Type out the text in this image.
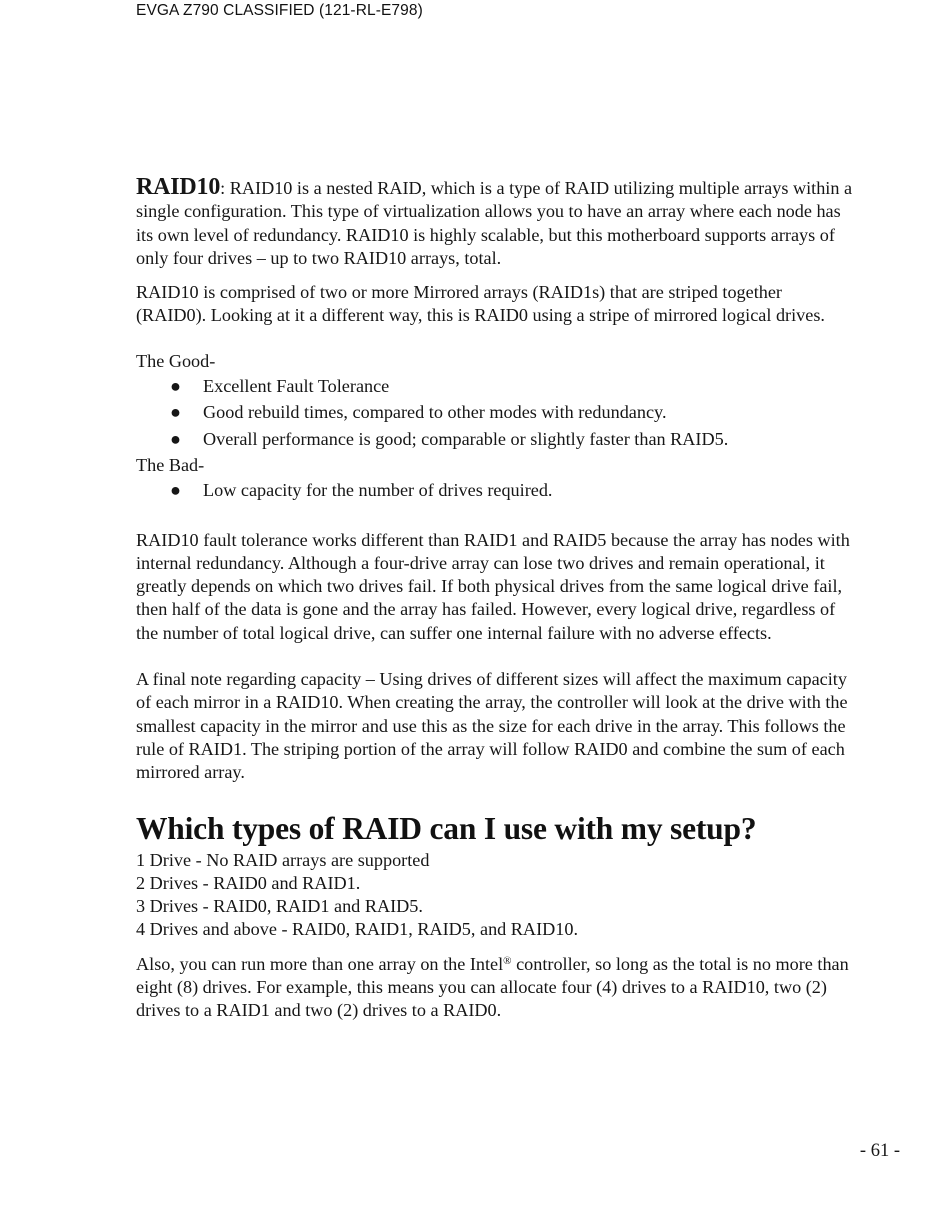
EVGA Z790 CLASSIFIED (121-RL-E798)

RAID10: RAID10 is a nested RAID, which is a type of RAID utilizing multiple arrays within a single configuration. This type of virtualization allows you to have an array where each node has its own level of redundancy. RAID10 is highly scalable, but this motherboard supports arrays of only four drives – up to two RAID10 arrays, total.

RAID10 is comprised of two or more Mirrored arrays (RAID1s) that are striped together (RAID0). Looking at it a different way, this is RAID0 using a stripe of mirrored logical drives.

The Good-

● Excellent Fault Tolerance
● Good rebuild times, compared to other modes with redundancy.
● Overall performance is good; comparable or slightly faster than RAID5.

The Bad-

● Low capacity for the number of drives required.

RAID10 fault tolerance works different than RAID1 and RAID5 because the array has nodes with internal redundancy. Although a four-drive array can lose two drives and remain operational, it greatly depends on which two drives fail. If both physical drives from the same logical drive fail, then half of the data is gone and the array has failed. However, every logical drive, regardless of the number of total logical drive, can suffer one internal failure with no adverse effects.

A final note regarding capacity – Using drives of different sizes will affect the maximum capacity of each mirror in a RAID10. When creating the array, the controller will look at the drive with the smallest capacity in the mirror and use this as the size for each drive in the array. This follows the rule of RAID1. The striping portion of the array will follow RAID0 and combine the sum of each mirrored array.

Which types of RAID can I use with my setup?

1 Drive - No RAID arrays are supported

2 Drives - RAID0 and RAID1.

3 Drives - RAID0, RAID1 and RAID5.

4 Drives and above - RAID0, RAID1, RAID5, and RAID10.

Also, you can run more than one array on the Intel® controller, so long as the total is no more than eight (8) drives. For example, this means you can allocate four (4) drives to a RAID10, two (2) drives to a RAID1 and two (2) drives to a RAID0.

- 61 -
